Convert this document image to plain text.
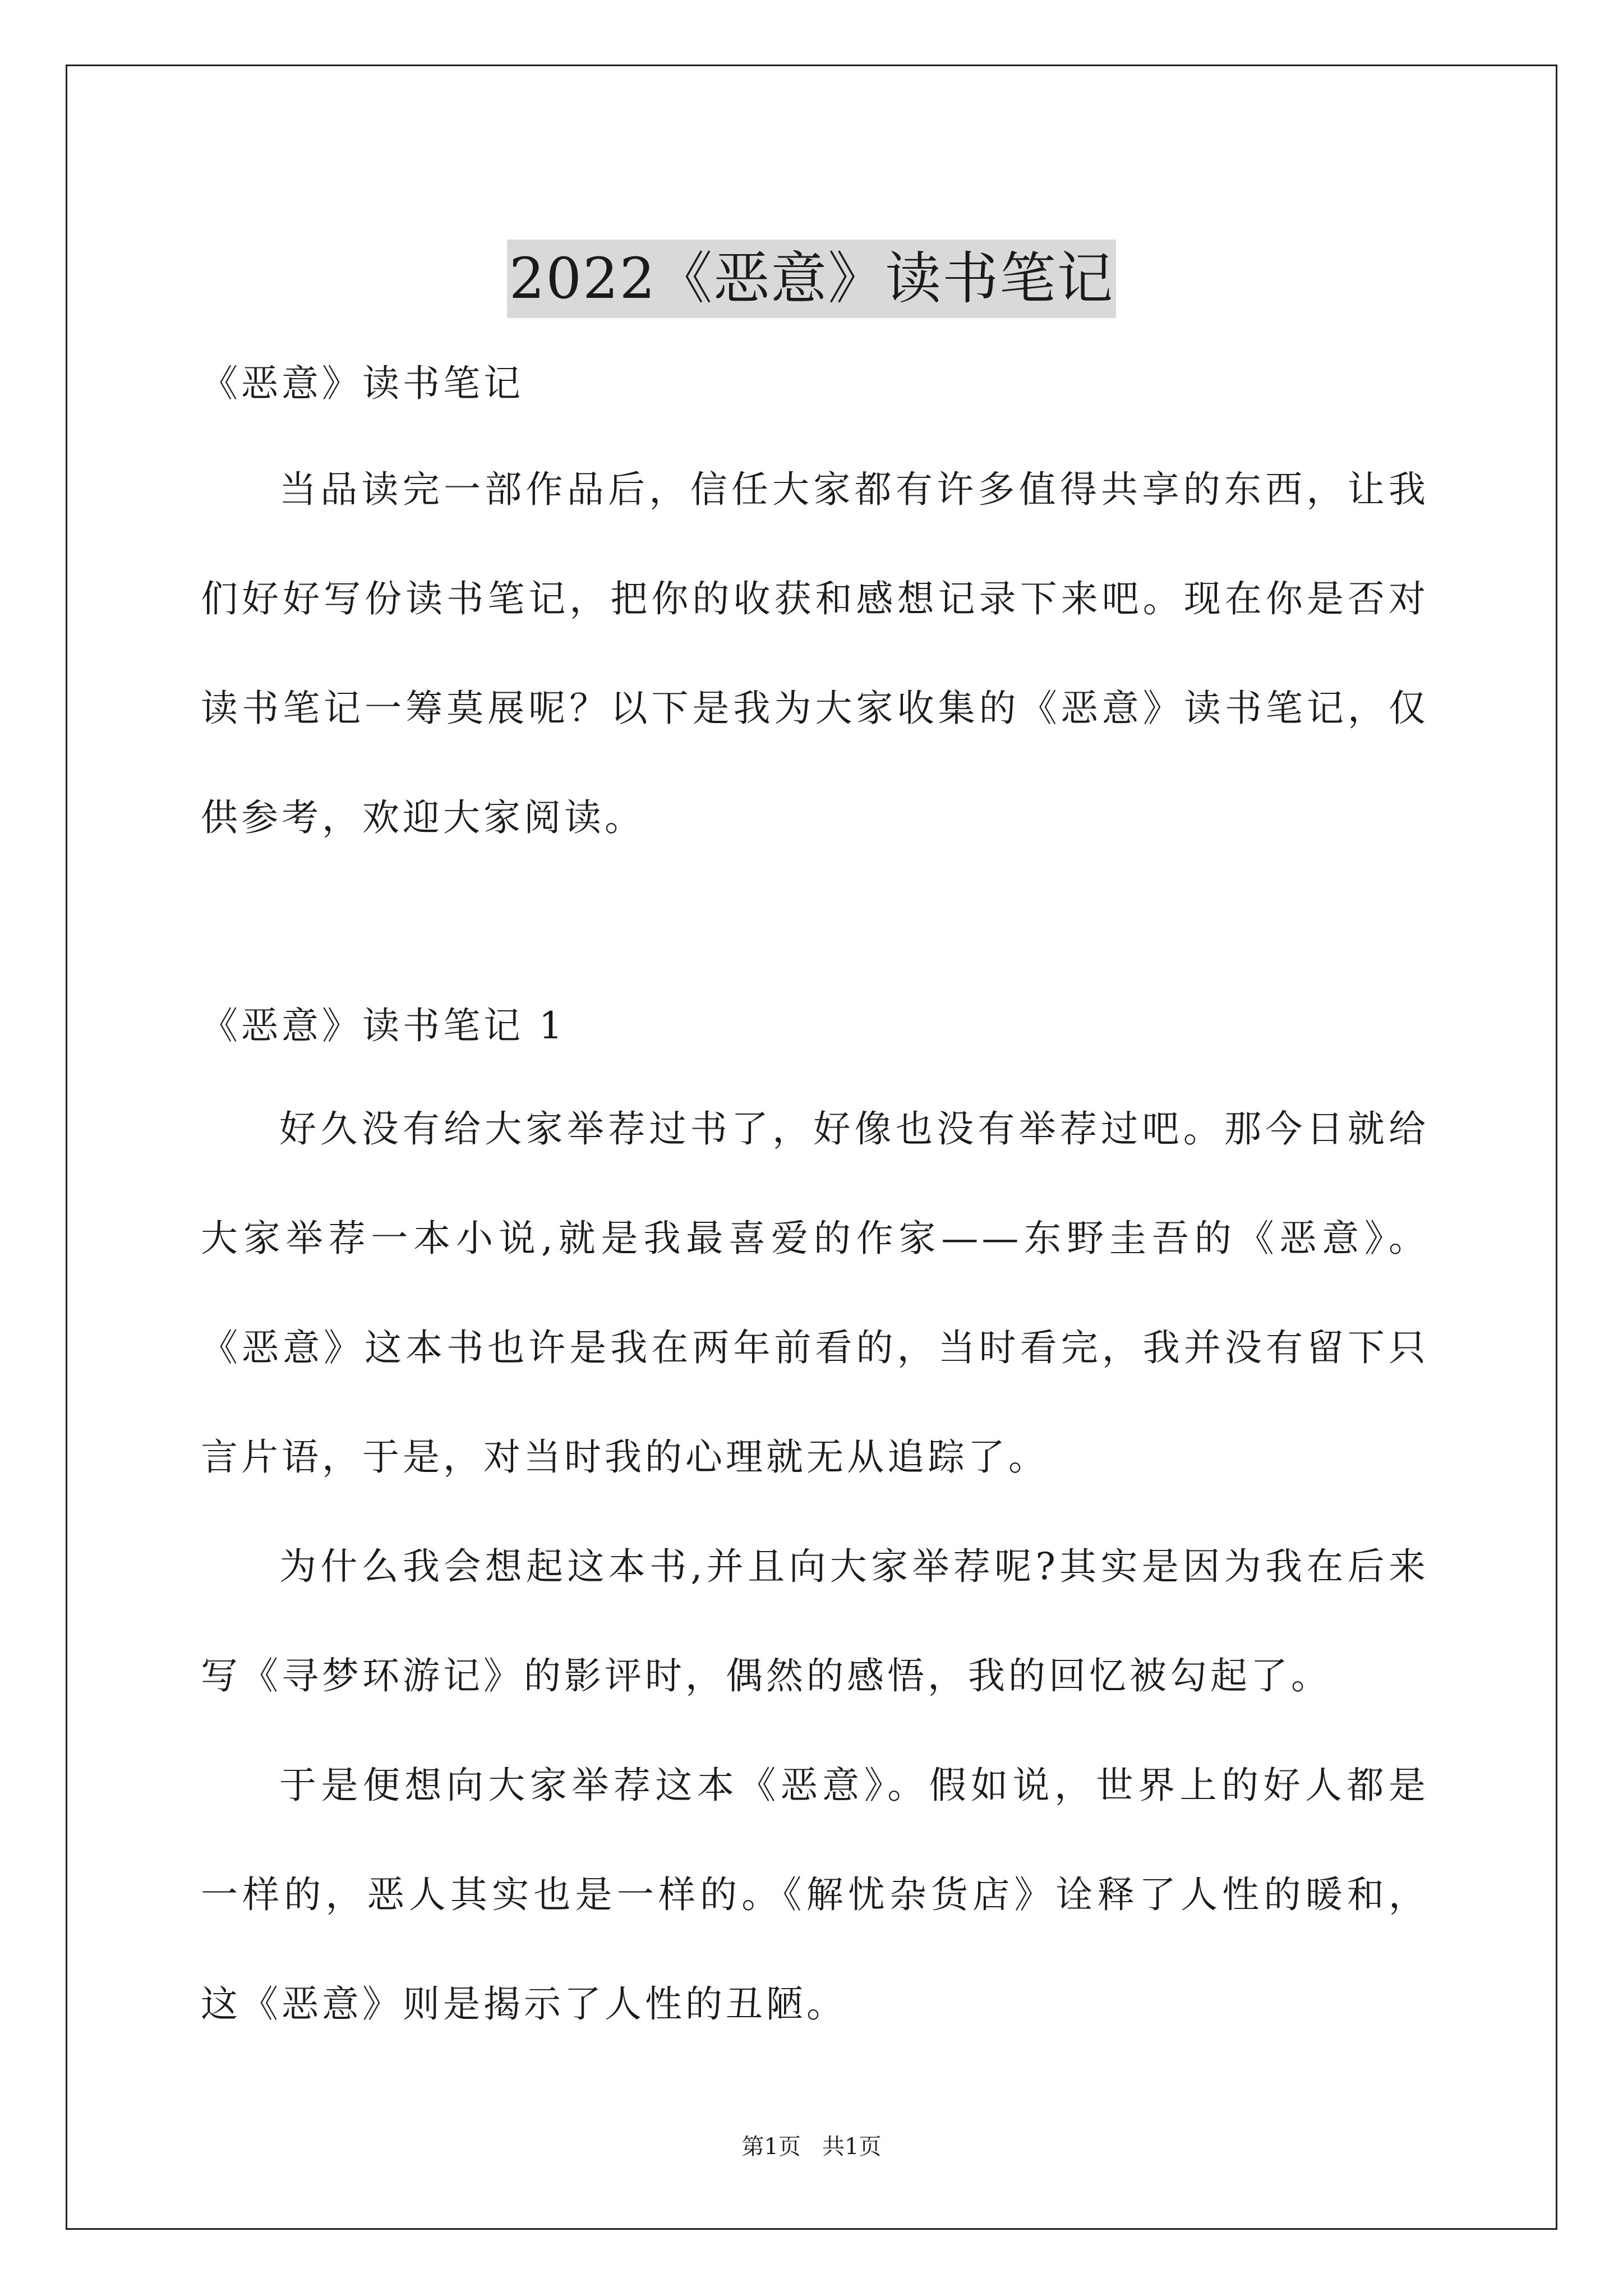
2022《恶意》读书笔记
《恶意》读书笔记

当品读完一部作品后，信任大家都有许多值得共享的东西，让我们好好写份读书笔记，把你的收获和感想记录下来吧。现在你是否对读书笔记一筹莫展呢？以下是我为大家收集的《恶意》读书笔记，仅供参考，欢迎大家阅读。

《恶意》读书笔记 1

好久没有给大家举荐过书了，好像也没有举荐过吧。那今日就给大家举荐一本小说,就是我最喜爱的作家——东野圭吾的《恶意》。《恶意》这本书也许是我在两年前看的，当时看完，我并没有留下只言片语，于是，对当时我的心理就无从追踪了。

为什么我会想起这本书,并且向大家举荐呢?其实是因为我在后来写《寻梦环游记》的影评时，偶然的感悟，我的回忆被勾起了。

于是便想向大家举荐这本《恶意》。假如说，世界上的好人都是一样的，恶人其实也是一样的。《解忧杂货店》诠释了人性的暖和，这《恶意》则是揭示了人性的丑陋。

第1页   共1页
